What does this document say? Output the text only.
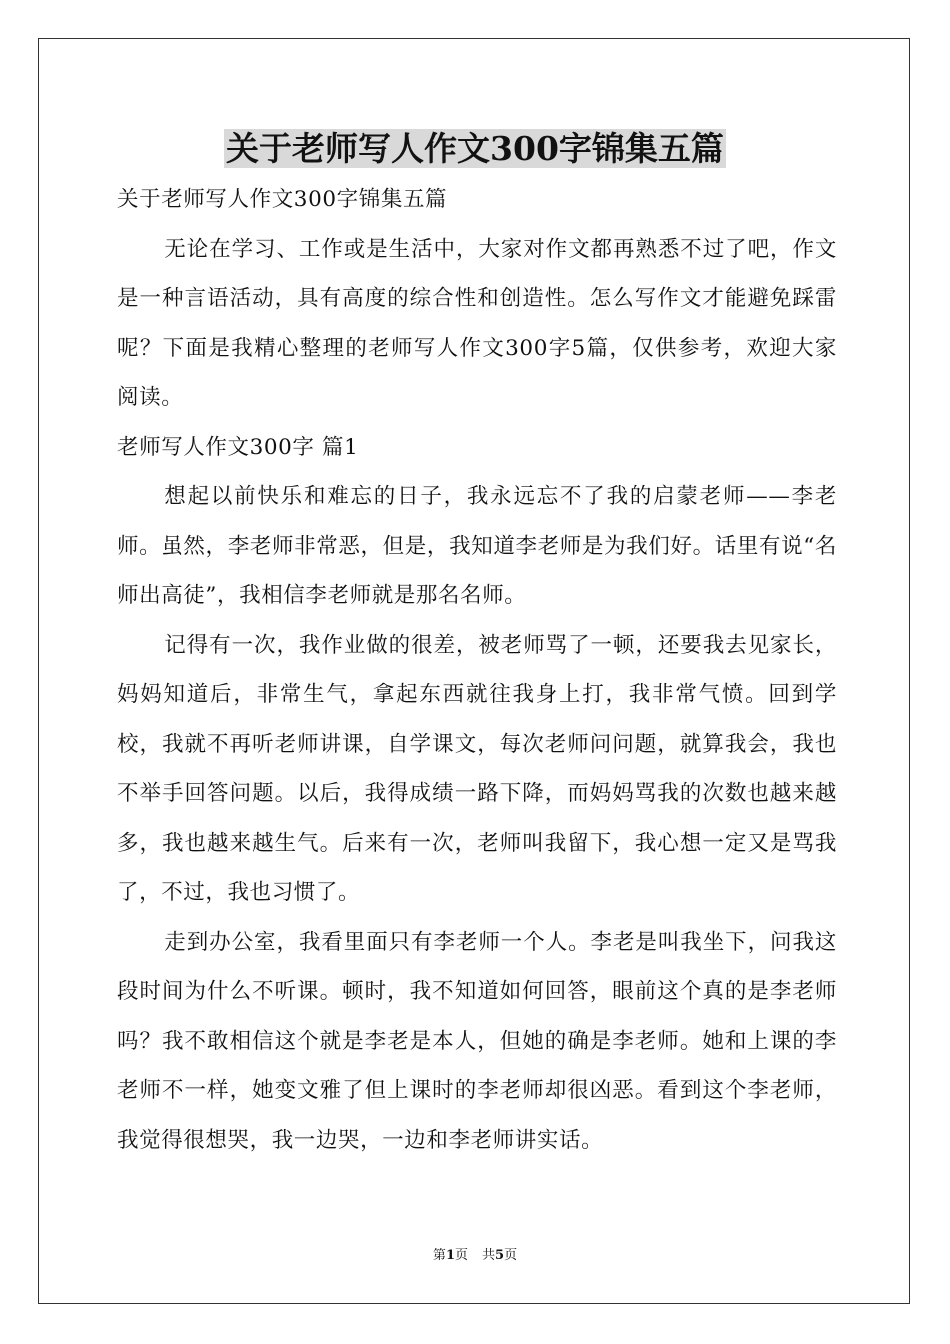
关于老师写人作文300字锦集五篇

关于老师写人作文300字锦集五篇

无论在学习、工作或是生活中，大家对作文都再熟悉不过了吧，作文是一种言语活动，具有高度的综合性和创造性。怎么写作文才能避免踩雷呢？下面是我精心整理的老师写人作文300字5篇，仅供参考，欢迎大家阅读。

老师写人作文300字 篇1

想起以前快乐和难忘的日子，我永远忘不了我的启蒙老师——李老师。虽然，李老师非常恶，但是，我知道李老师是为我们好。话里有说“名师出高徒”，我相信李老师就是那名名师。

记得有一次，我作业做的很差，被老师骂了一顿，还要我去见家长，妈妈知道后，非常生气，拿起东西就往我身上打，我非常气愤。回到学校，我就不再听老师讲课，自学课文，每次老师问问题，就算我会，我也不举手回答问题。以后，我得成绩一路下降，而妈妈骂我的次数也越来越多，我也越来越生气。后来有一次，老师叫我留下，我心想一定又是骂我了，不过，我也习惯了。

走到办公室，我看里面只有李老师一个人。李老是叫我坐下，问我这段时间为什么不听课。顿时，我不知道如何回答，眼前这个真的是李老师吗？我不敢相信这个就是李老是本人，但她的确是李老师。她和上课的李老师不一样，她变文雅了但上课时的李老师却很凶恶。看到这个李老师，我觉得很想哭，我一边哭，一边和李老师讲实话。

第1页 共5页
